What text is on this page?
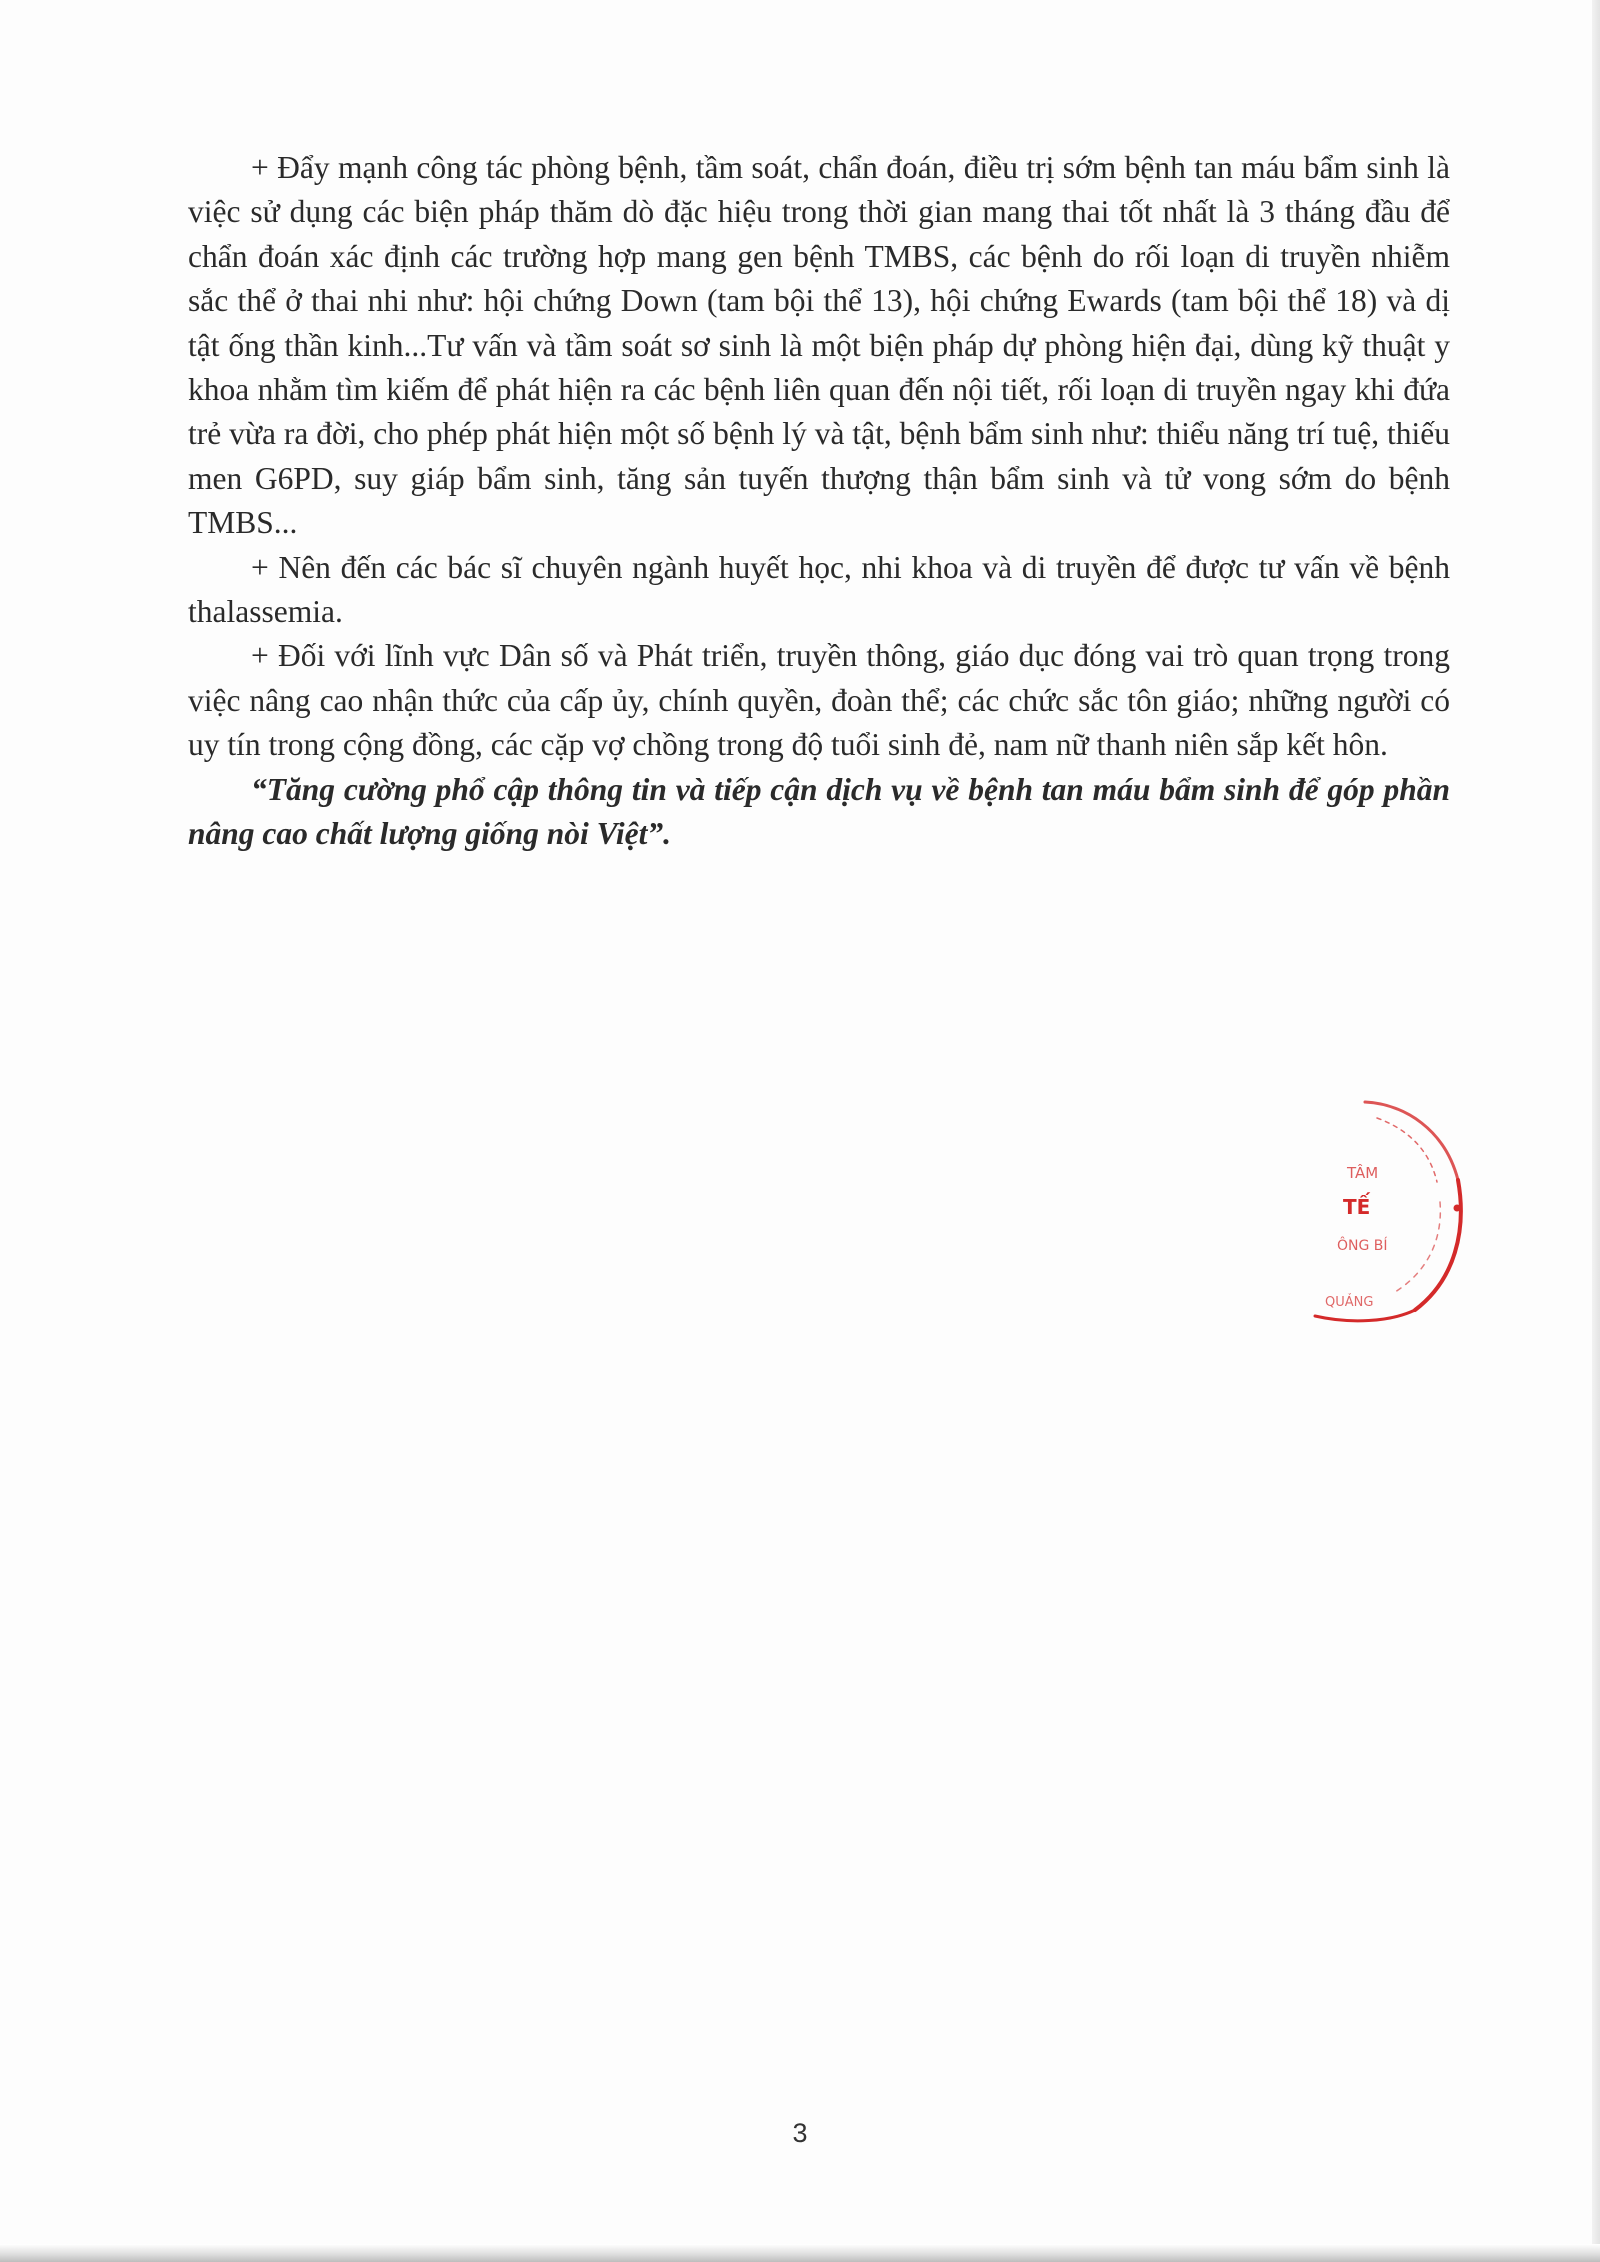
+ Đẩy mạnh công tác phòng bệnh, tầm soát, chẩn đoán, điều trị sớm bệnh tan máu bẩm sinh là việc sử dụng các biện pháp thăm dò đặc hiệu trong thời gian mang thai tốt nhất là 3 tháng đầu để chẩn đoán xác định các trường hợp mang gen bệnh TMBS, các bệnh do rối loạn di truyền nhiễm sắc thể ở thai nhi như: hội chứng Down (tam bội thể 13), hội chứng Ewards (tam bội thể 18) và dị tật ống thần kinh...Tư vấn và tầm soát sơ sinh là một biện pháp dự phòng hiện đại, dùng kỹ thuật y khoa nhằm tìm kiếm để phát hiện ra các bệnh liên quan đến nội tiết, rối loạn di truyền ngay khi đứa trẻ vừa ra đời, cho phép phát hiện một số bệnh lý và tật, bệnh bẩm sinh như: thiểu năng trí tuệ, thiếu men G6PD, suy giáp bẩm sinh, tăng sản tuyến thượng thận bẩm sinh và tử vong sớm do bệnh TMBS...

+ Nên đến các bác sĩ chuyên ngành huyết học, nhi khoa và di truyền để được tư vấn về bệnh thalassemia.

+ Đối với lĩnh vực Dân số và Phát triển, truyền thông, giáo dục đóng vai trò quan trọng trong việc nâng cao nhận thức của cấp ủy, chính quyền, đoàn thể; các chức sắc tôn giáo; những người có uy tín trong cộng đồng, các cặp vợ chồng trong độ tuổi sinh đẻ, nam nữ thanh niên sắp kết hôn.

“Tăng cường phổ cập thông tin và tiếp cận dịch vụ về bệnh tan máu bẩm sinh để góp phần nâng cao chất lượng giống nòi Việt”.

TÂM
TẾ
ÔNG BÍ
QUẢNG
3
